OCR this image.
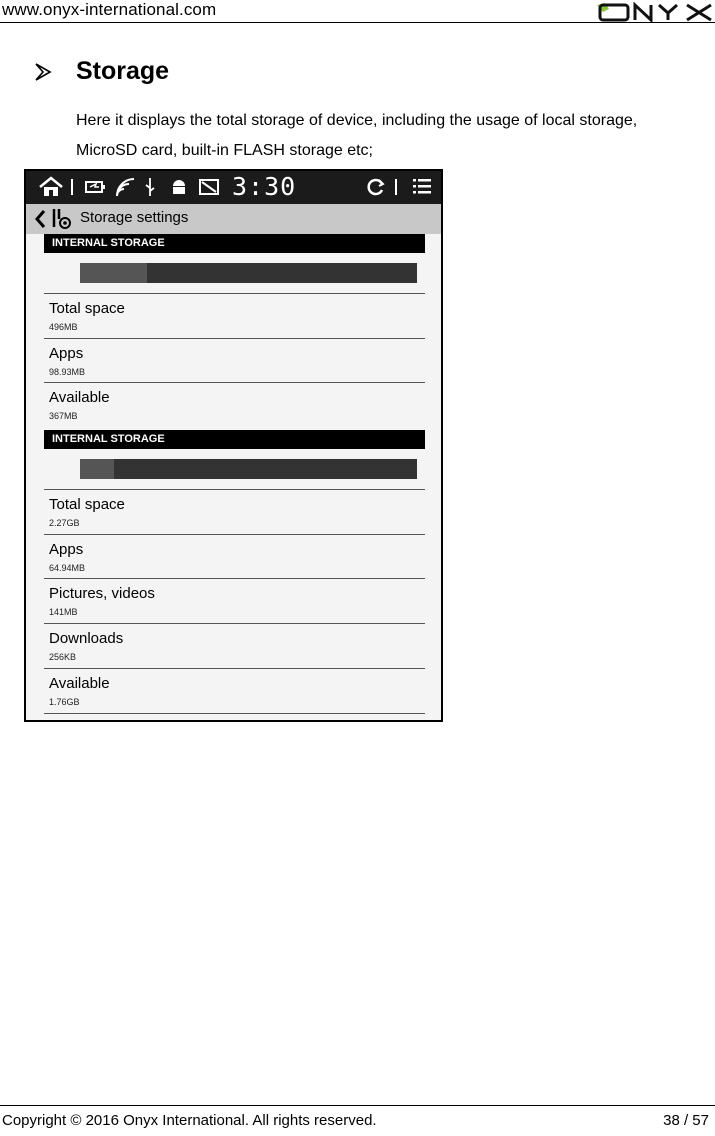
www.onyx-international.com
Storage

Here it displays the total storage of device, including the usage of local storage,

MicroSD card, built-in FLASH storage etc;

3:30
Storage settings
INTERNAL STORAGE
Total space
496MB
Apps
98.93MB
Available
367MB
INTERNAL STORAGE
Total space
2.27GB
Apps
64.94MB
Pictures, videos
141MB
Downloads
256KB
Available
1.76GB
Copyright © 2016 Onyx International. All rights reserved.	38 / 57
